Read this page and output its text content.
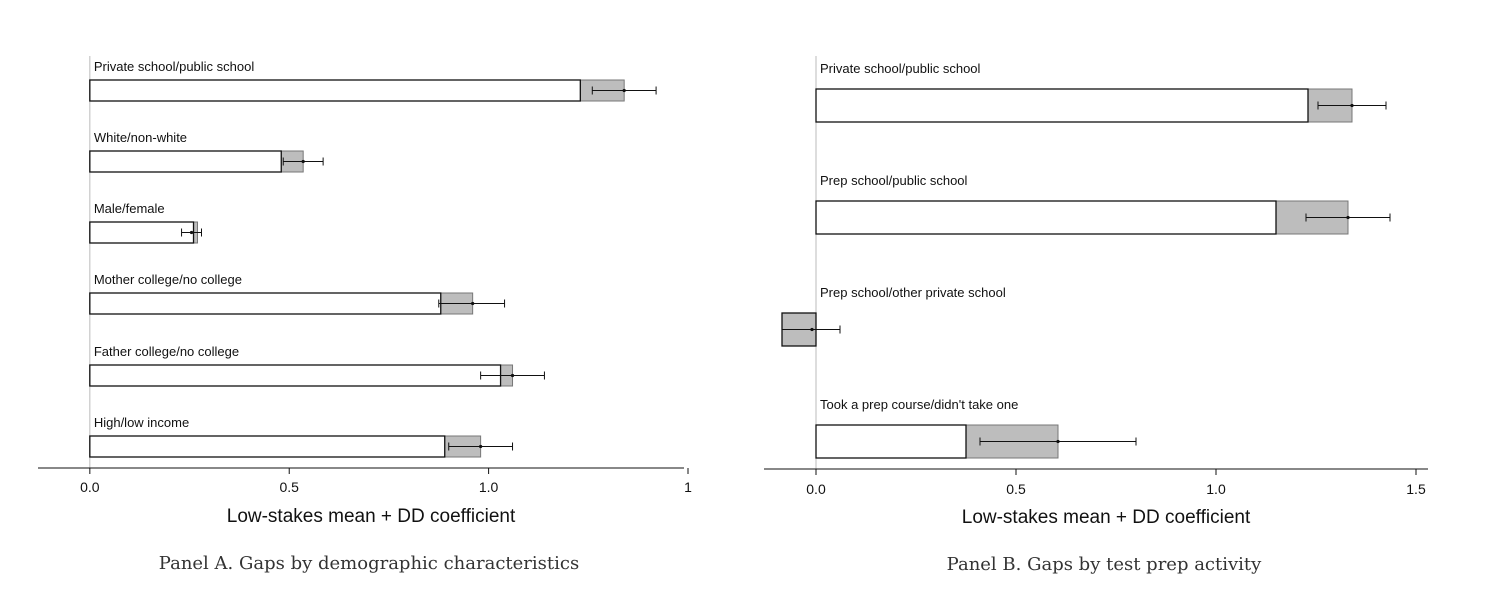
Private school/public school
White/non-white
Male/female
Mother college/no college
Father college/no college
High/low income
0.0	0.5	1.0	1
Low-stakes mean + DD coefficient
Panel A. Gaps by demographic characteristics
Private school/public school
Prep school/public school
Prep school/other private school
Took a prep course/didn't take one
0.0	0.5	1.0	1.5
Low-stakes mean + DD coefficient
Panel B. Gaps by test prep activity
